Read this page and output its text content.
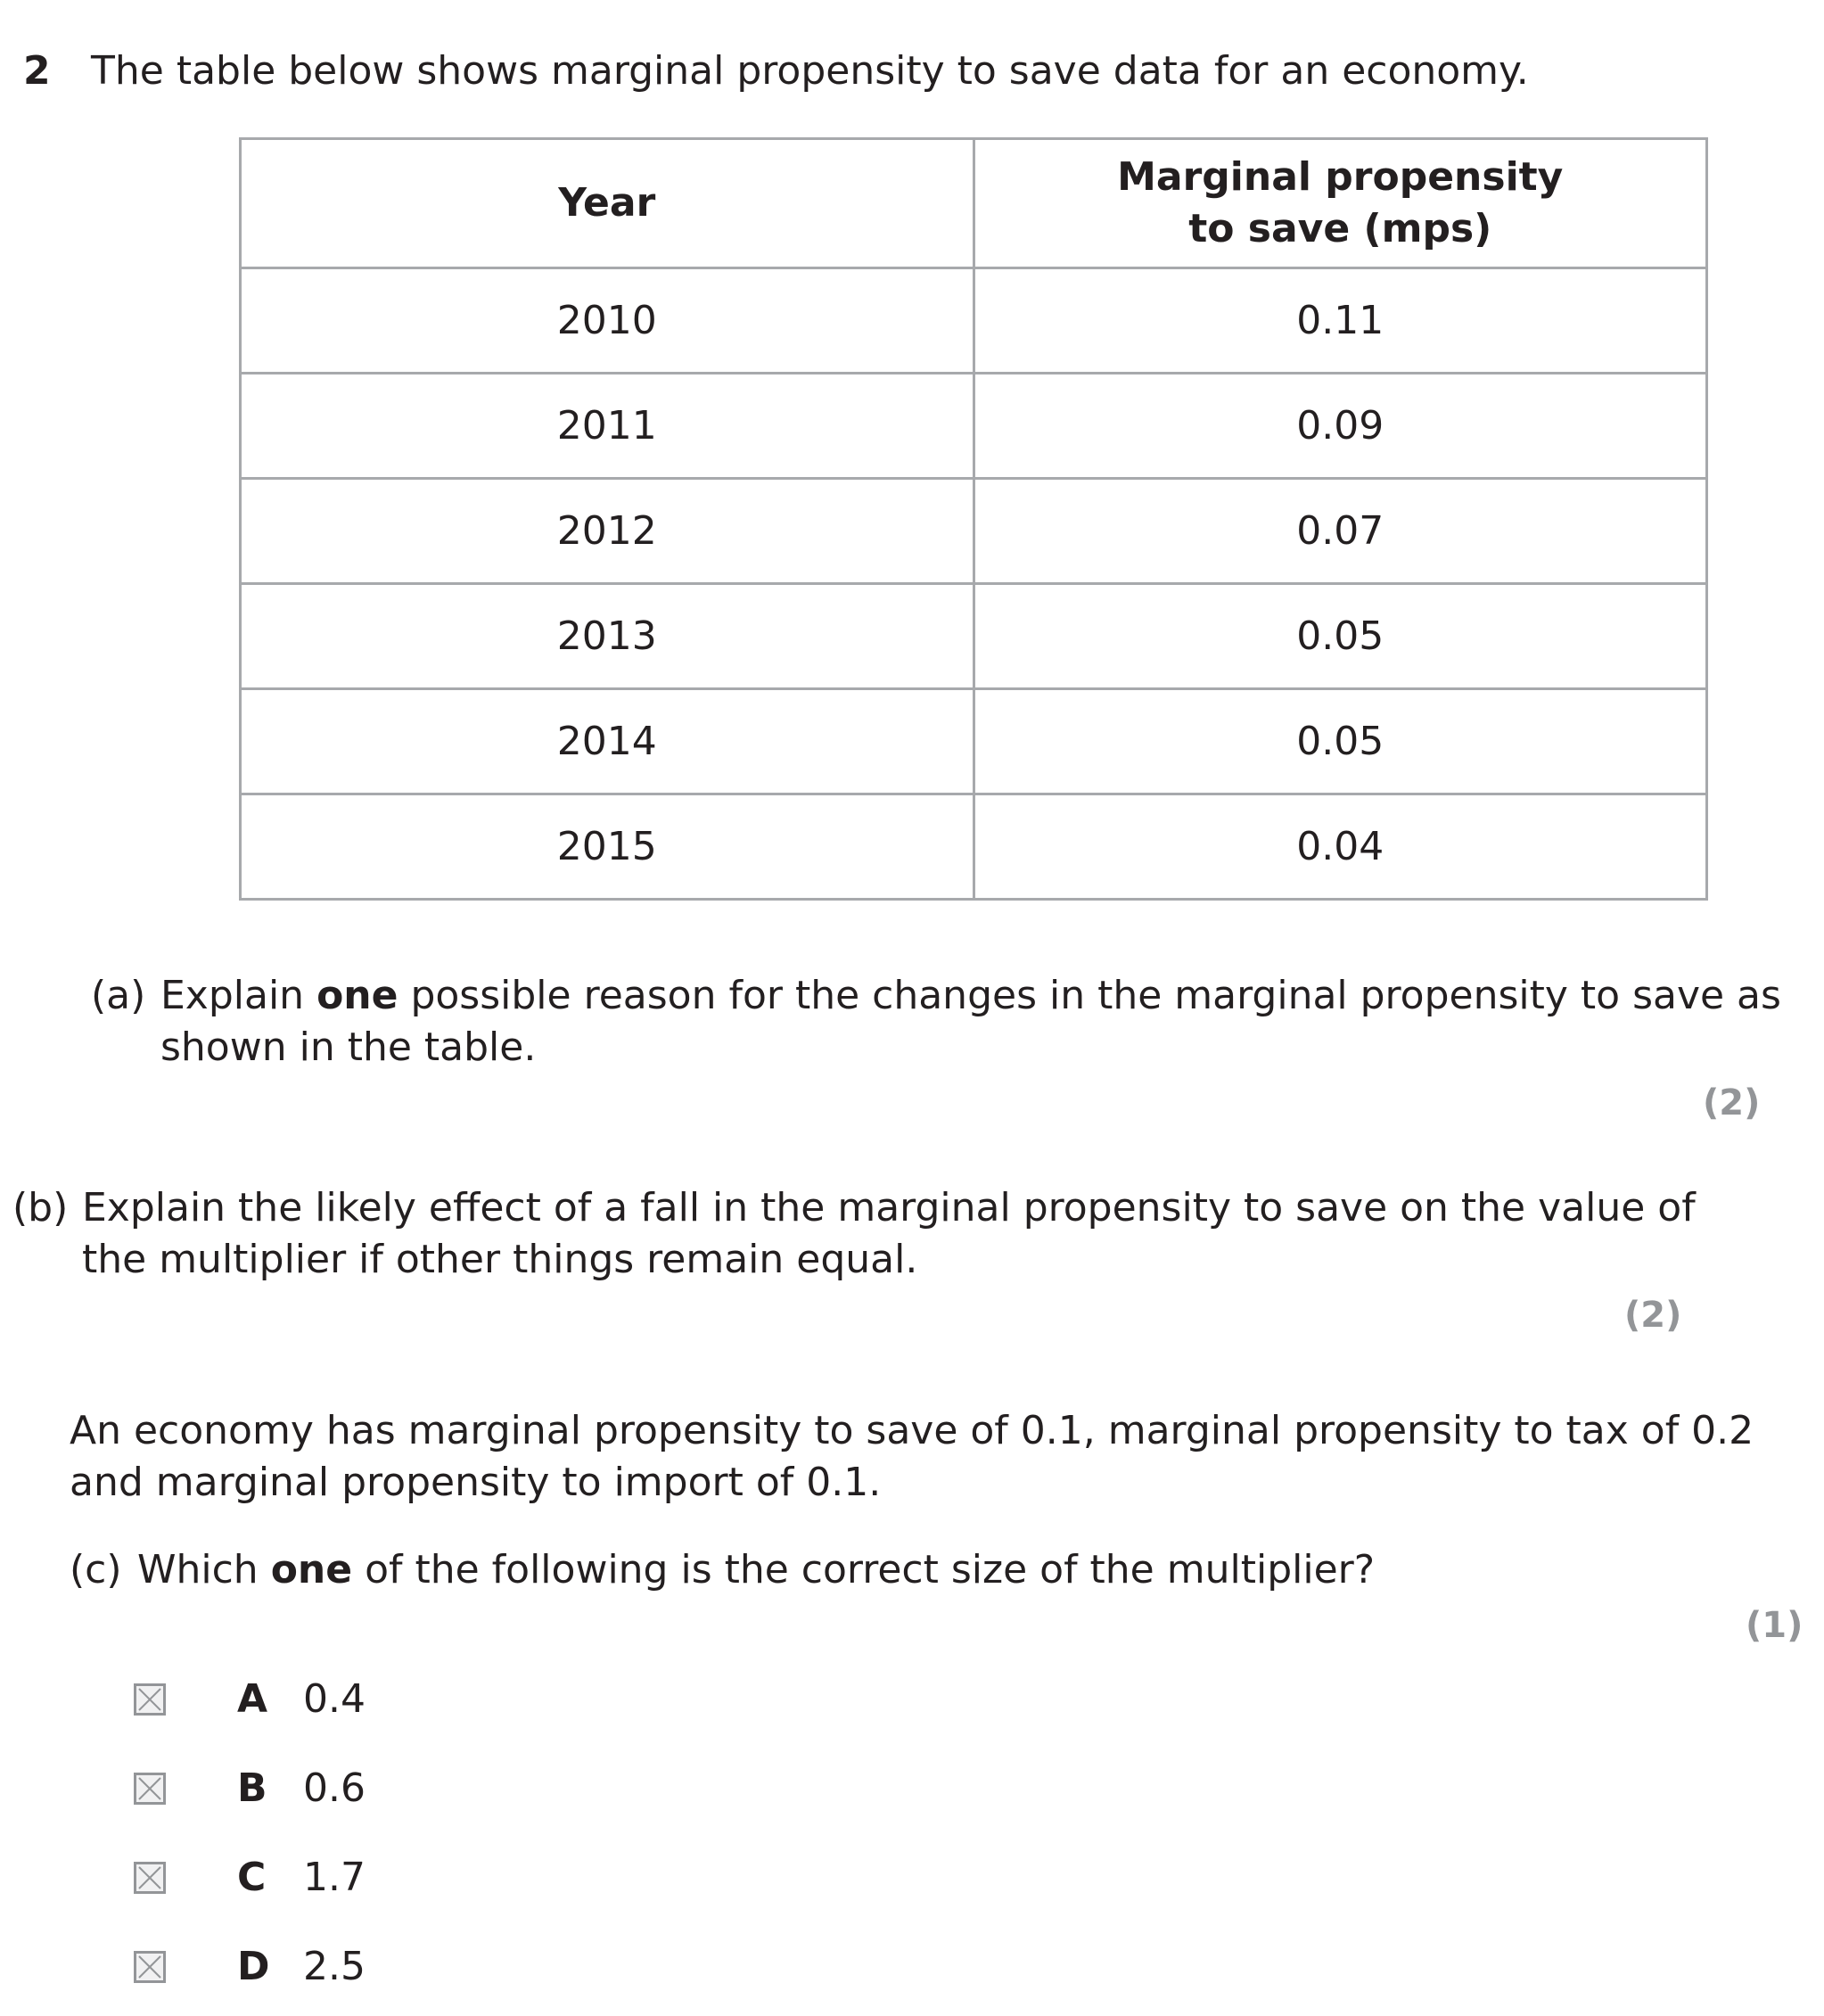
2 The table below shows marginal propensity to save data for an economy.
Year	Marginal propensity
to save (mps)
2010	0.11
2011	0.09
2012	0.07
2013	0.05
2014	0.05
2015	0.04
(a) Explain one possible reason for the changes in the marginal propensity to save as
shown in the table.
(2)
(b) Explain the likely effect of a fall in the marginal propensity to save on the value of
the multiplier if other things remain equal.
(2)
An economy has marginal propensity to save of 0.1, marginal propensity to tax of 0.2
and marginal propensity to import of 0.1.
(c) Which one of the following is the correct size of the multiplier?
(1)
A 0.4
B 0.6
C 1.7
D 2.5
